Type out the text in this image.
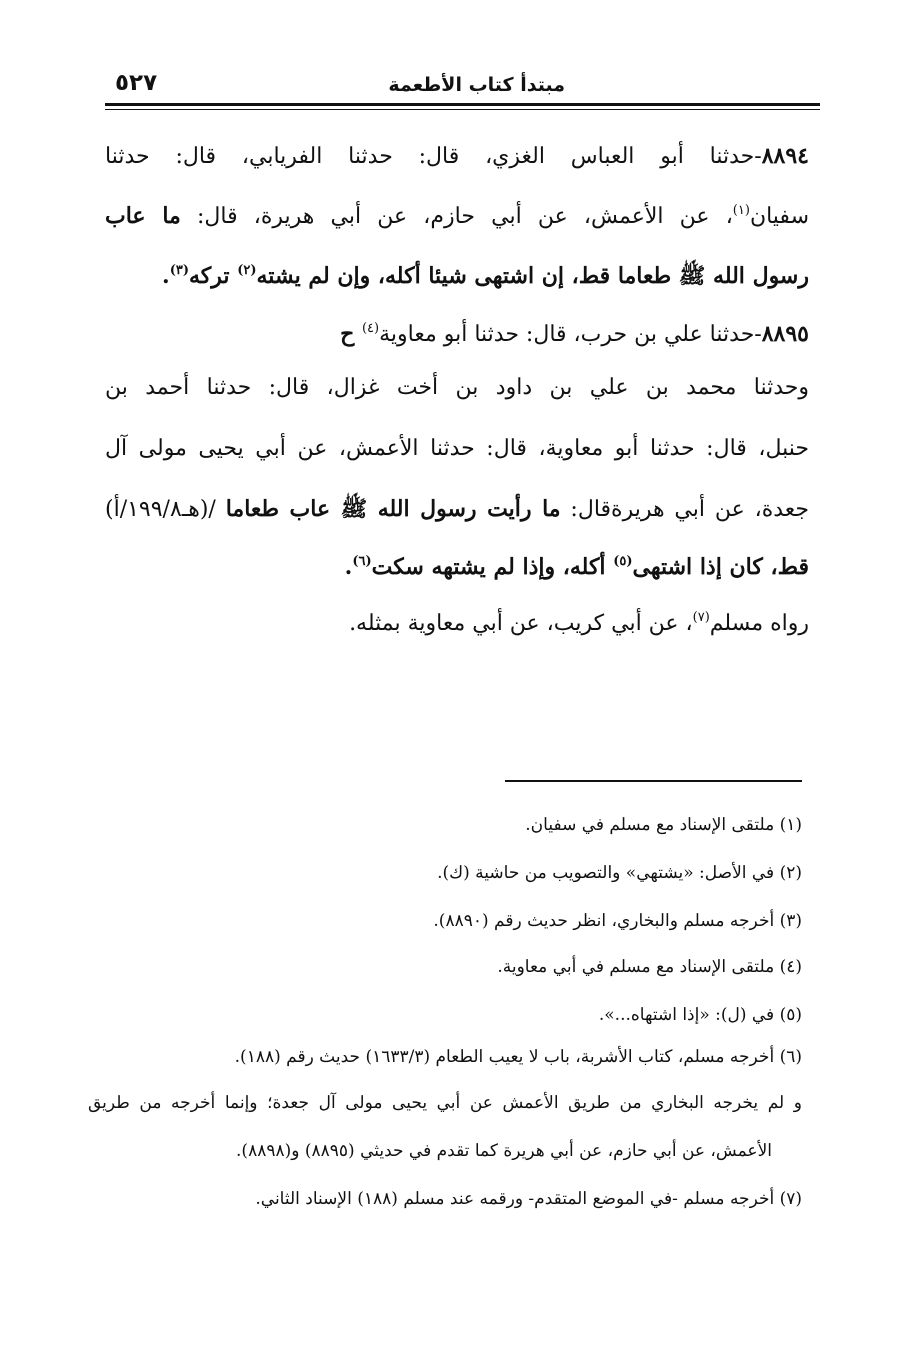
مبتدأ كتاب الأطعمة
٥٢٧
٨٨٩٤-حدثنا أبو العباس الغزي، قال: حدثنا الفريابي، قال: حدثنا
سفيان$^{(١)}$، عن الأعمش، عن أبي حازم، عن أبي هريرة، قال: ما عاب
رسول الله ﷺ طعاما قط، إن اشتهى شيئا أكله، وإن لم يشته$^{(٢)}$ تركه$^{(٣)}$.
٨٨٩٥-حدثنا علي بن حرب، قال: حدثنا أبو معاوية$^{(٤)}$ ح
وحدثنا محمد بن علي بن داود بن أخت غزال، قال: حدثنا أحمد بن
حنبل، قال: حدثنا أبو معاوية، قال: حدثنا الأعمش، عن أبي يحيى مولى آل
جعدة، عن أبي هريرةقال: ما رأيت رسول الله ﷺ عاب طعاما /(هـ١٩٩/٨/أ)
قط، كان إذا اشتهى$^{(٥)}$ أكله، وإذا لم يشتهه سكت$^{(٦)}$.
رواه مسلم$^{(٧)}$، عن أبي كريب، عن أبي معاوية بمثله.
(١) ملتقى الإسناد مع مسلم في سفيان.
(٢) في الأصل: «يشتهي» والتصويب من حاشية (ك).
(٣) أخرجه مسلم والبخاري، انظر حديث رقم (٨٨٩٠).
(٤) ملتقى الإسناد مع مسلم في أبي معاوية.
(٥) في (ل): «إذا اشتهاه...».
(٦) أخرجه مسلم، كتاب الأشربة، باب لا يعيب الطعام (١٦٣٣/٣) حديث رقم (١٨٨).
و لم يخرجه البخاري من طريق الأعمش عن أبي يحيى مولى آل جعدة؛ وإنما أخرجه من طريق
الأعمش، عن أبي حازم، عن أبي هريرة كما تقدم في حديثي (٨٨٩٥) و(٨٨٩٨).
(٧) أخرجه مسلم -في الموضع المتقدم- ورقمه عند مسلم (١٨٨) الإسناد الثاني.
